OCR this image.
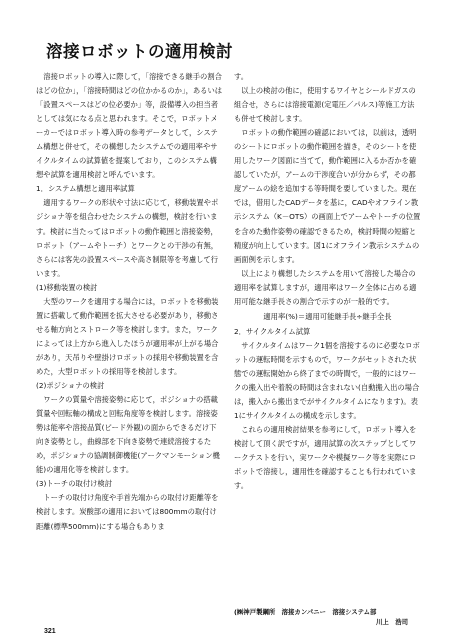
溶接ロボットの適用検討

溶接ロボットの導入に際して，「溶接できる継手の割合はどの位か」，「溶接時間はどの位かかるのか」，あるいは「設置スペースはどの位必要か」等，設備導入の担当者としては気になる点と思われます。そこで，ロボットメーカーではロボット導入時の参考データとして，システム構想と併せて，その構想したシステムでの適用率やサイクルタイムの試算値を提案しており，このシステム構想や試算を適用検討と呼んでいます。

1．システム構想と適用率試算

適用するワークの形状や寸法に応じて，移動装置やポジショナ等を組合わせたシステムの構想，検討を行います。検討に当たってはロボットの動作範囲と溶接姿勢，ロボット（アームやトーチ）とワークとの干渉の有無，さらには客先の設置スペースや高さ制限等を考慮して行います。

(1)移動装置の検討

大型のワークを適用する場合には，ロボットを移動装置に搭載して動作範囲を拡大させる必要があり，移動させる軸方向とストローク等を検討します。また，ワークによっては上方から進入したほうが適用率が上がる場合があり，天吊りや壁掛けロボットの採用や移動装置を含めた，大型ロボットの採用等を検討します。

(2)ポジショナの検討

ワークの質量や溶接姿勢に応じて，ポジショナの搭載質量や回転軸の構成と回転角度等を検討します。溶接姿勢は能率や溶接品質(ビード外観)の面からできるだけ下向き姿勢とし，曲線部を下向き姿勢で連続溶接するため，ポジショナの協調制御機能(アークマンモーション機能)の適用化等を検討します。

(3)トーチの取付け検討

トーチの取付け角度や手首先端からの取付け距離等を検討します。炭酸部の適用においては800mmの取付け距離(標準500mm)にする場合もありま

す。

以上の検討の他に，使用するワイヤとシールドガスの組合せ，さらには溶接電源(定電圧／パルス)等施工方法も併せて検討します。

ロボットの動作範囲の確認においては，以前は，透明のシートにロボットの動作範囲を描き，そのシートを使用したワーク図面に当てて，動作範囲に入るか否かを確認していたが，アームの干渉度合いが分からず，その都度アームの絵を追加する等時間を要していました。現在では，借用したCADデータを基に，CADやオフライン教示システム（K－OTS）の画面上でアームやトーチの位置を含めた動作姿勢の確認できるため，検討時間の短縮と精度が向上しています。図1にオフライン教示システムの画面例を示します。

以上により構想したシステムを用いて溶接した場合の適用率を試算しますが，適用率はワーク全体に占める適用可能な継手長さの割合で示すのが一般的です。

適用率(%)＝適用可能継手長÷継手全長

2．サイクルタイム試算

サイクルタイムはワーク1個を溶接するのに必要なロボットの運転時間を示すもので，ワークがセットされた状態での運転開始から終了までの時間で，一般的にはワークの搬入出や着脱の時間は含まれない(自動搬入出の場合は，搬入から搬出までがサイクルタイムになります)。表1にサイクルタイムの構成を示します。

これらの適用検討結果を参考にして，ロボット導入を検討して頂く訳ですが，適用試算の次ステップとしてワークテストを行い，実ワークや模擬ワーク等を実際にロボットで溶接し，適用性を確認することも行われています。

(㈱神戸製鋼所　溶接カンパニー　溶接システム部
川上　浩司
321
